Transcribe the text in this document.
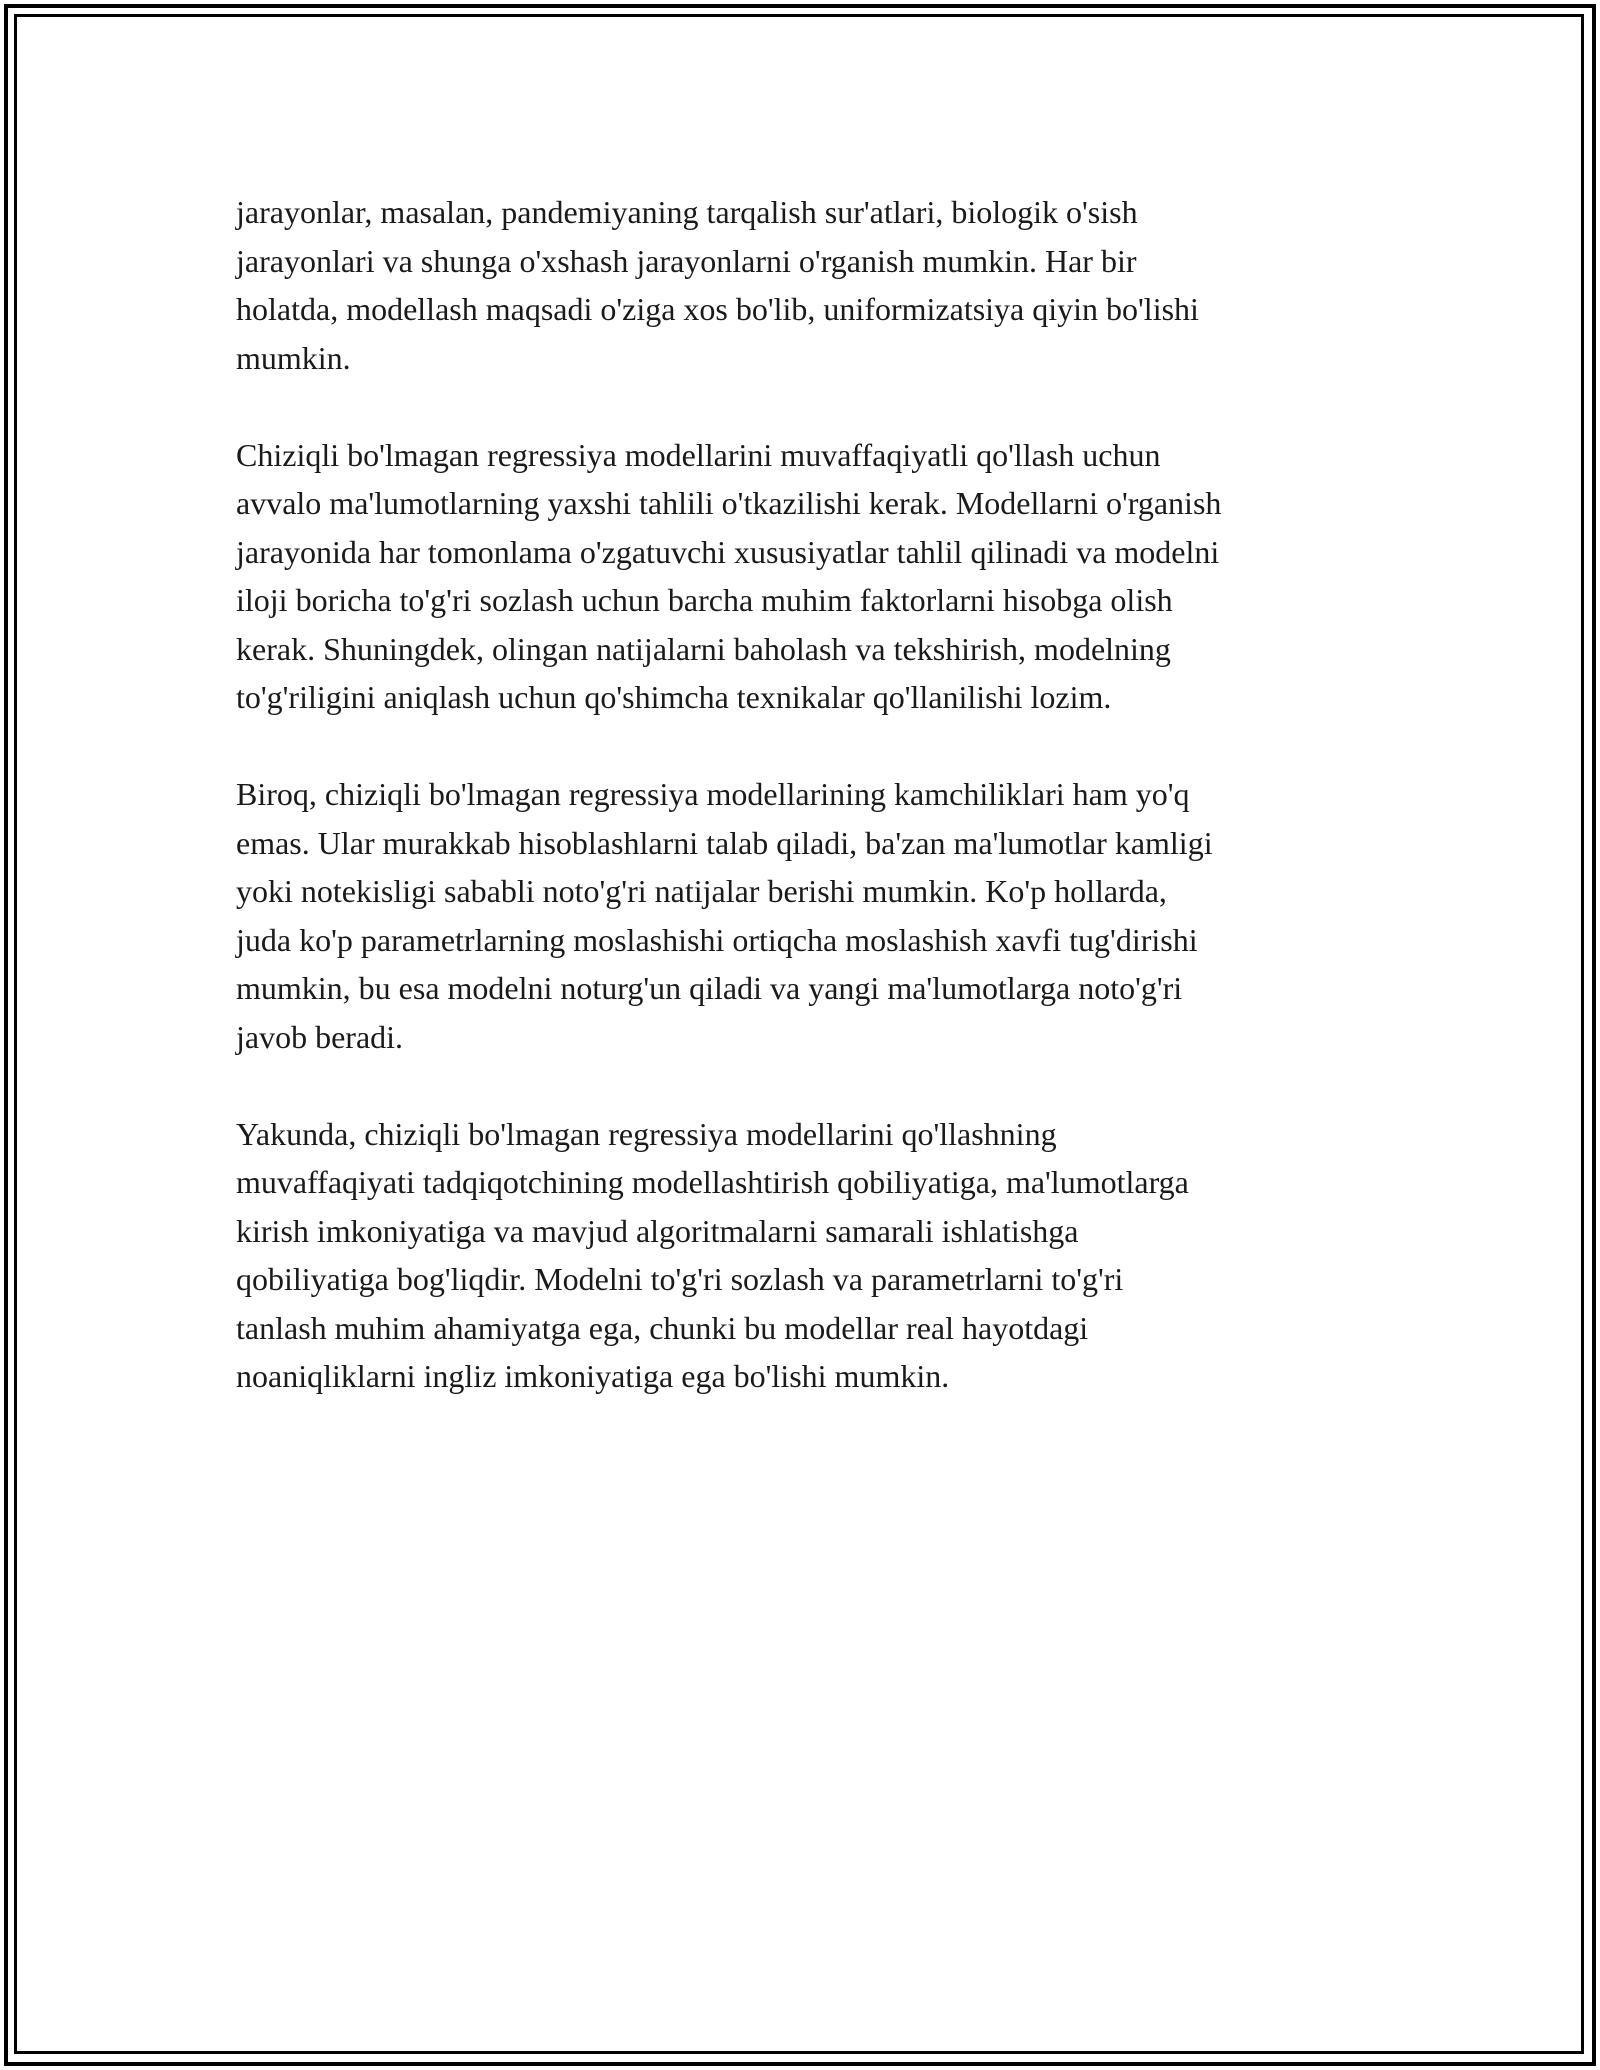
jarayonlar, masalan, pandemiyaning tarqalish sur'atlari, biologik o'sish
jarayonlari va shunga o'xshash jarayonlarni o'rganish mumkin. Har bir
holatda, modellash maqsadi o'ziga xos bo'lib, uniformizatsiya qiyin bo'lishi
mumkin.

Chiziqli bo'lmagan regressiya modellarini muvaffaqiyatli qo'llash uchun
avvalo ma'lumotlarning yaxshi tahlili o'tkazilishi kerak. Modellarni o'rganish
jarayonida har tomonlama o'zgatuvchi xususiyatlar tahlil qilinadi va modelni
iloji boricha to'g'ri sozlash uchun barcha muhim faktorlarni hisobga olish
kerak. Shuningdek, olingan natijalarni baholash va tekshirish, modelning
to'g'riligini aniqlash uchun qo'shimcha texnikalar qo'llanilishi lozim.

Biroq, chiziqli bo'lmagan regressiya modellarining kamchiliklari ham yo'q
emas. Ular murakkab hisoblashlarni talab qiladi, ba'zan ma'lumotlar kamligi
yoki notekisligi sababli noto'g'ri natijalar berishi mumkin. Ko'p hollarda,
juda ko'p parametrlarning moslashishi ortiqcha moslashish xavfi tug'dirishi
mumkin, bu esa modelni noturg'un qiladi va yangi ma'lumotlarga noto'g'ri
javob beradi.

Yakunda, chiziqli bo'lmagan regressiya modellarini qo'llashning
muvaffaqiyati tadqiqotchining modellashtirish qobiliyatiga, ma'lumotlarga
kirish imkoniyatiga va mavjud algoritmalarni samarali ishlatishga
qobiliyatiga bog'liqdir. Modelni to'g'ri sozlash va parametrlarni to'g'ri
tanlash muhim ahamiyatga ega, chunki bu modellar real hayotdagi
noaniqliklarni ingliz imkoniyatiga ega bo'lishi mumkin.
